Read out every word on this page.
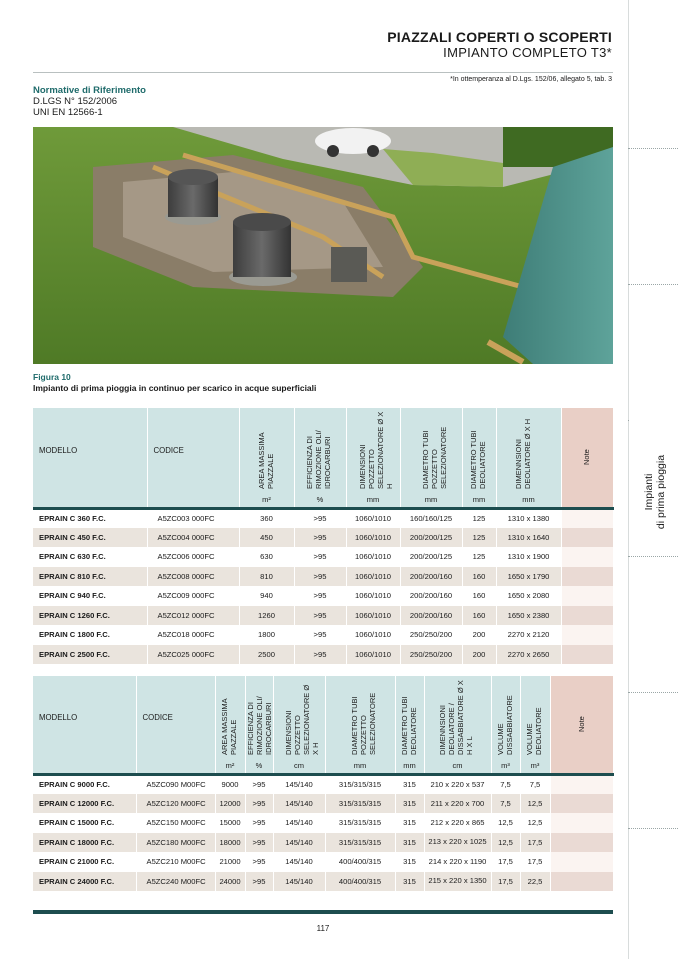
Impianti di prima pioggia
PIAZZALI COPERTI O SCOPERTI
IMPIANTO COMPLETO T3*
*In ottemperanza al D.Lgs. 152/06, allegato 5, tab. 3
Normative di Riferimento
D.LGS N° 152/2006
UNI EN 12566-1
Figura 10
Impianto di prima pioggia in continuo per scarico in acque superficiali
MODELLO	CODICE	AREA MASSIMA PIAZZALE	EFFICIENZA DI RIMOZIONE OLI/ IDROCARBURI	DIMENSIONI POZZETTO SELEZIONATORE Ø X H	DIAMETRO TUBI POZZETTO SELEZIONATORE	DIAMETRO TUBI DEOLIATORE	DIMENNSIONI DEOLIATORE Ø X H	Note

		m²	%	mm	mm	mm	mm	
EPRAIN C 360 F.C.	A5ZC003 000FC	360	>95	1060/1010	160/160/125	125	1310 x 1380	
EPRAIN C 450 F.C.	A5ZC004 000FC	450	>95	1060/1010	200/200/125	125	1310 x 1640	
EPRAIN C 630 F.C.	A5ZC006 000FC	630	>95	1060/1010	200/200/125	125	1310 x 1900	
EPRAIN C 810 F.C.	A5ZC008 000FC	810	>95	1060/1010	200/200/160	160	1650 x 1790	
EPRAIN C 940 F.C.	A5ZC009 000FC	940	>95	1060/1010	200/200/160	160	1650 x 2080	
EPRAIN C 1260 F.C.	A5ZC012 000FC	1260	>95	1060/1010	200/200/160	160	1650 x 2380	
EPRAIN C 1800 F.C.	A5ZC018 000FC	1800	>95	1060/1010	250/250/200	200	2270 x 2120	
EPRAIN C 2500 F.C.	A5ZC025 000FC	2500	>95	1060/1010	250/250/200	200	2270 x 2650	
MODELLO	CODICE	AREA MASSIMA PIAZZALE	EFFICIENZA DI RIMOZIONE OLI/ IDROCARBURI	DIMENSIONI POZZETTO SELEZIONATORE Ø X H	DIAMETRO TUBI POZZETTO SELEZIONATORE	DIAMETRO TUBI DEOLIATORE	DIMENNSIONI DEOLIATORE / DISSABBIATORE Ø X H X L	VOLUME DISSABBIATORE	VOLUME DEOLIATORE	Note

		m²	%	cm	mm	mm	cm	m³	m³	
EPRAIN C 9000 F.C.	A5ZC090 M00FC	9000	>95	145/140	315/315/315	315	210 x 220 x 537	7,5	7,5	
EPRAIN C 12000 F.C.	A5ZC120 M00FC	12000	>95	145/140	315/315/315	315	211 x 220 x 700	7,5	12,5	
EPRAIN C 15000 F.C.	A5ZC150 M00FC	15000	>95	145/140	315/315/315	315	212 x 220 x 865	12,5	12,5	
EPRAIN C 18000 F.C.	A5ZC180 M00FC	18000	>95	145/140	315/315/315	315	213 x 220 x 1025	12,5	17,5	
EPRAIN C 21000 F.C.	A5ZC210 M00FC	21000	>95	145/140	400/400/315	315	214 x 220 x 1190	17,5	17,5	
EPRAIN C 24000 F.C.	A5ZC240 M00FC	24000	>95	145/140	400/400/315	315	215 x 220 x 1350	17,5	22,5	
117
